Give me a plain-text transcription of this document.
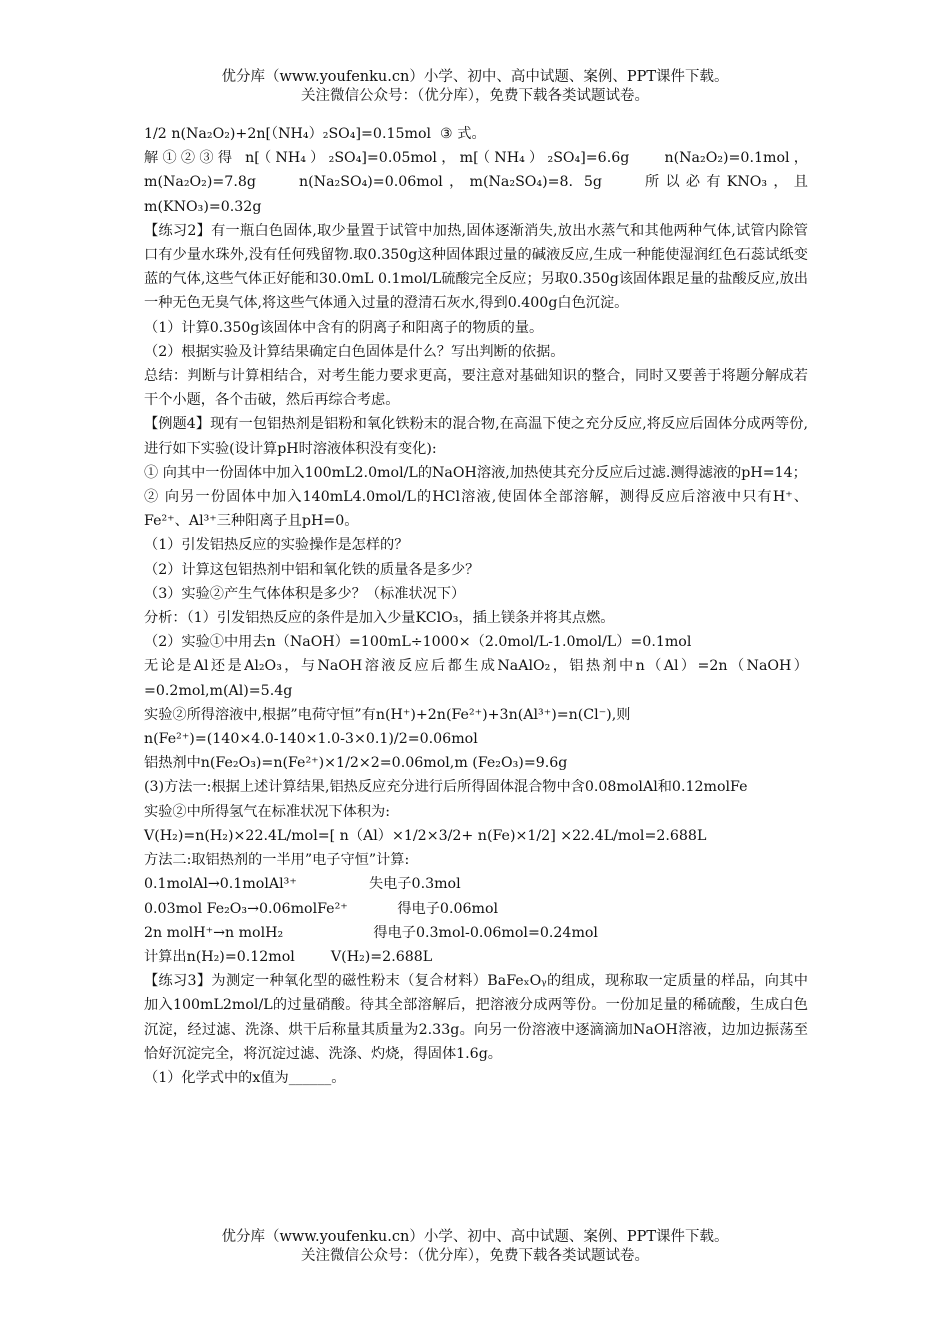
优分库（www.youfenku.cn）小学、初中、高中试题、案例、PPT课件下载。
关注微信公众号：（优分库），免费下载各类试题试卷。

1/2 n(Na₂O₂)+2n[（NH₄）₂SO₄]=0.15mol  ③ 式。

解①②③得 n[（NH₄）₂SO₄]=0.05mol，m[（NH₄）₂SO₄]=6.6g    n(Na₂O₂)=0.1mol，m(Na₂O₂)=7.8g    n(Na₂SO₄)=0.06mol，m(Na₂SO₄)=8. 5g    所以必有KNO₃，且m(KNO₃)=0.32g

【练习2】有一瓶白色固体,取少量置于试管中加热,固体逐渐消失,放出水蒸气和其他两种气体,试管内除管口有少量水珠外,没有任何残留物.取0.350g这种固体跟过量的碱液反应,生成一种能使湿润红色石蕊试纸变蓝的气体,这些气体正好能和30.0mL 0.1mol/L硫酸完全反应；另取0.350g该固体跟足量的盐酸反应,放出一种无色无臭气体,将这些气体通入过量的澄清石灰水,得到0.400g白色沉淀。

（1）计算0.350g该固体中含有的阴离子和阳离子的物质的量。

（2）根据实验及计算结果确定白色固体是什么？写出判断的依据。

总结：判断与计算相结合，对考生能力要求更高，要注意对基础知识的整合，同时又要善于将题分解成若干个小题，各个击破，然后再综合考虑。

【例题4】现有一包铝热剂是铝粉和氧化铁粉末的混合物,在高温下使之充分反应,将反应后固体分成两等份,进行如下实验(设计算pH时溶液体积没有变化):

① 向其中一份固体中加入100mL2.0mol/L的NaOH溶液,加热使其充分反应后过滤.测得滤液的pH=14；

② 向另一份固体中加入140mL4.0mol/L的HCl溶液,使固体全部溶解，测得反应后溶液中只有H⁺、Fe²⁺、Al³⁺三种阳离子且pH=0。

（1）引发铝热反应的实验操作是怎样的？

（2）计算这包铝热剂中铝和氧化铁的质量各是多少？

（3）实验②产生气体体积是多少？（标准状况下）

分析：（1）引发铝热反应的条件是加入少量KClO₃，插上镁条并将其点燃。

（2）实验①中用去n（NaOH）=100mL÷1000×（2.0mol/L-1.0mol/L）=0.1mol

无论是Al还是Al₂O₃，与NaOH溶液反应后都生成NaAlO₂，铝热剂中n（Al）=2n（NaOH）=0.2mol,m(Al)=5.4g

实验②所得溶液中,根据”电荷守恒”有n(H⁺)+2n(Fe²⁺)+3n(Al³⁺)=n(Cl⁻),则

n(Fe²⁺)=(140×4.0-140×1.0-3×0.1)/2=0.06mol

铝热剂中n(Fe₂O₃)=n(Fe²⁺)×1/2×2=0.06mol,m (Fe₂O₃)=9.6g

(3)方法一:根据上述计算结果,铝热反应充分进行后所得固体混合物中含0.08molAl和0.12molFe

实验②中所得氢气在标准状况下体积为:

V(H₂)=n(H₂)×22.4L/mol=[ n（Al）×1/2×3/2+ n(Fe)×1/2] ×22.4L/mol=2.688L

方法二:取铝热剂的一半用”电子守恒”计算:

0.1molAl→0.1molAl³⁺                失电子0.3mol

0.03mol Fe₂O₃→0.06molFe²⁺           得电子0.06mol

2n molH⁺→n molH₂                    得电子0.3mol-0.06mol=0.24mol

计算出n(H₂)=0.12mol        V(H₂)=2.688L

【练习3】为测定一种氧化型的磁性粉末（复合材料）BaFeₓOᵧ的组成，现称取一定质量的样品，向其中加入100mL2mol/L的过量硝酸。待其全部溶解后，把溶液分成两等份。一份加足量的稀硫酸，生成白色沉淀，经过滤、洗涤、烘干后称量其质量为2.33g。向另一份溶液中逐滴滴加NaOH溶液，边加边振荡至恰好沉淀完全，将沉淀过滤、洗涤、灼烧，得固体1.6g。

（1）化学式中的x值为______。

优分库（www.youfenku.cn）小学、初中、高中试题、案例、PPT课件下载。
关注微信公众号：（优分库），免费下载各类试题试卷。
